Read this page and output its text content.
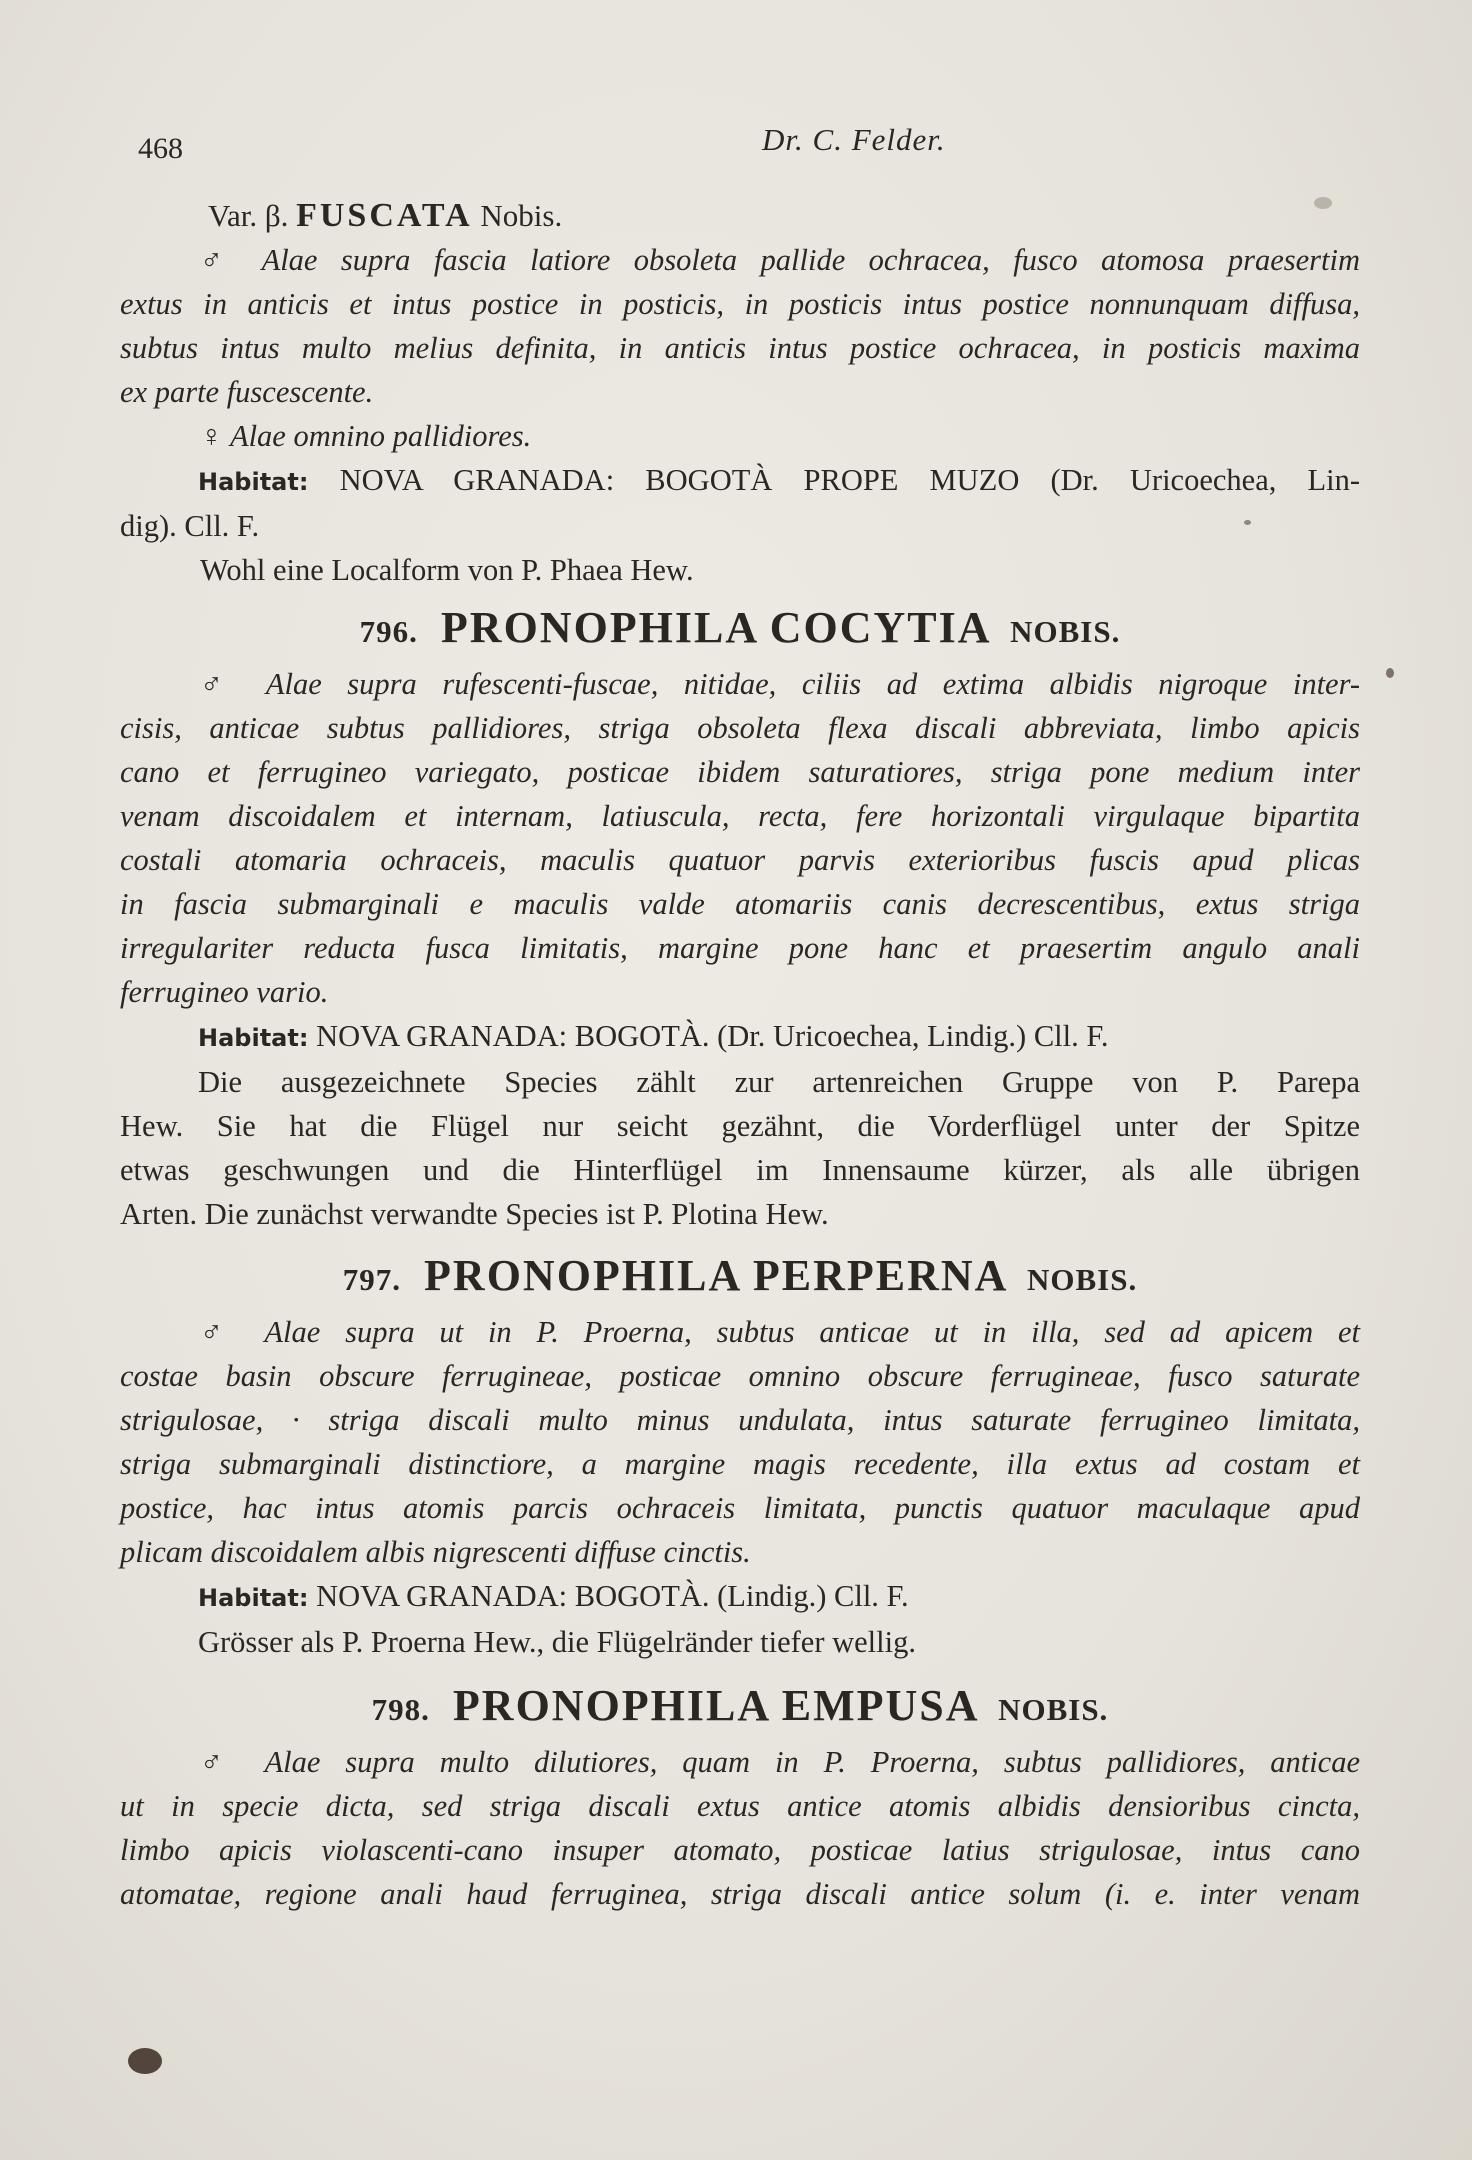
468	Dr. C. Felder.
Var. β. FUSCATA Nobis.
♂ Alae supra fascia latiore obsoleta pallide ochracea, fusco atomosa praesertim
extus in anticis et intus postice in posticis, in posticis intus postice nonnunquam diffusa,
subtus intus multo melius definita, in anticis intus postice ochracea, in posticis maxima
ex parte fuscescente.
♀ Alae omnino pallidiores.
Habitat: NOVA GRANADA: BOGOTÀ PROPE MUZO (Dr. Uricoechea, Lin-
dig). Cll. F.
Wohl eine Localform von P. Phaea Hew.
796. PRONOPHILA COCYTIA NOBIS.
♂ Alae supra rufescenti-fuscae, nitidae, ciliis ad extima albidis nigroque inter-
cisis, anticae subtus pallidiores, striga obsoleta flexa discali abbreviata, limbo apicis
cano et ferrugineo variegato, posticae ibidem saturatiores, striga pone medium inter
venam discoidalem et internam, latiuscula, recta, fere horizontali virgulaque bipartita
costali atomaria ochraceis, maculis quatuor parvis exterioribus fuscis apud plicas
in fascia submarginali e maculis valde atomariis canis decrescentibus, extus striga
irregulariter reducta fusca limitatis, margine pone hanc et praesertim angulo anali
ferrugineo vario.
Habitat: NOVA GRANADA: BOGOTÀ. (Dr. Uricoechea, Lindig.) Cll. F.
Die ausgezeichnete Species zählt zur artenreichen Gruppe von P. Parepa
Hew. Sie hat die Flügel nur seicht gezähnt, die Vorderflügel unter der Spitze
etwas geschwungen und die Hinterflügel im Innensaume kürzer, als alle übrigen
Arten. Die zunächst verwandte Species ist P. Plotina Hew.
797. PRONOPHILA PERPERNA NOBIS.
♂ Alae supra ut in P. Proerna, subtus anticae ut in illa, sed ad apicem et
costae basin obscure ferrugineae, posticae omnino obscure ferrugineae, fusco saturate
strigulosae, · striga discali multo minus undulata, intus saturate ferrugineo limitata,
striga submarginali distinctiore, a margine magis recedente, illa extus ad costam et
postice, hac intus atomis parcis ochraceis limitata, punctis quatuor maculaque apud
plicam discoidalem albis nigrescenti diffuse cinctis.
Habitat: NOVA GRANADA: BOGOTÀ. (Lindig.) Cll. F.
Grösser als P. Proerna Hew., die Flügelränder tiefer wellig.
798. PRONOPHILA EMPUSA NOBIS.
♂ Alae supra multo dilutiores, quam in P. Proerna, subtus pallidiores, anticae
ut in specie dicta, sed striga discali extus antice atomis albidis densioribus cincta,
limbo apicis violascenti-cano insuper atomato, posticae latius strigulosae, intus cano
atomatae, regione anali haud ferruginea, striga discali antice solum (i. e. inter venam
